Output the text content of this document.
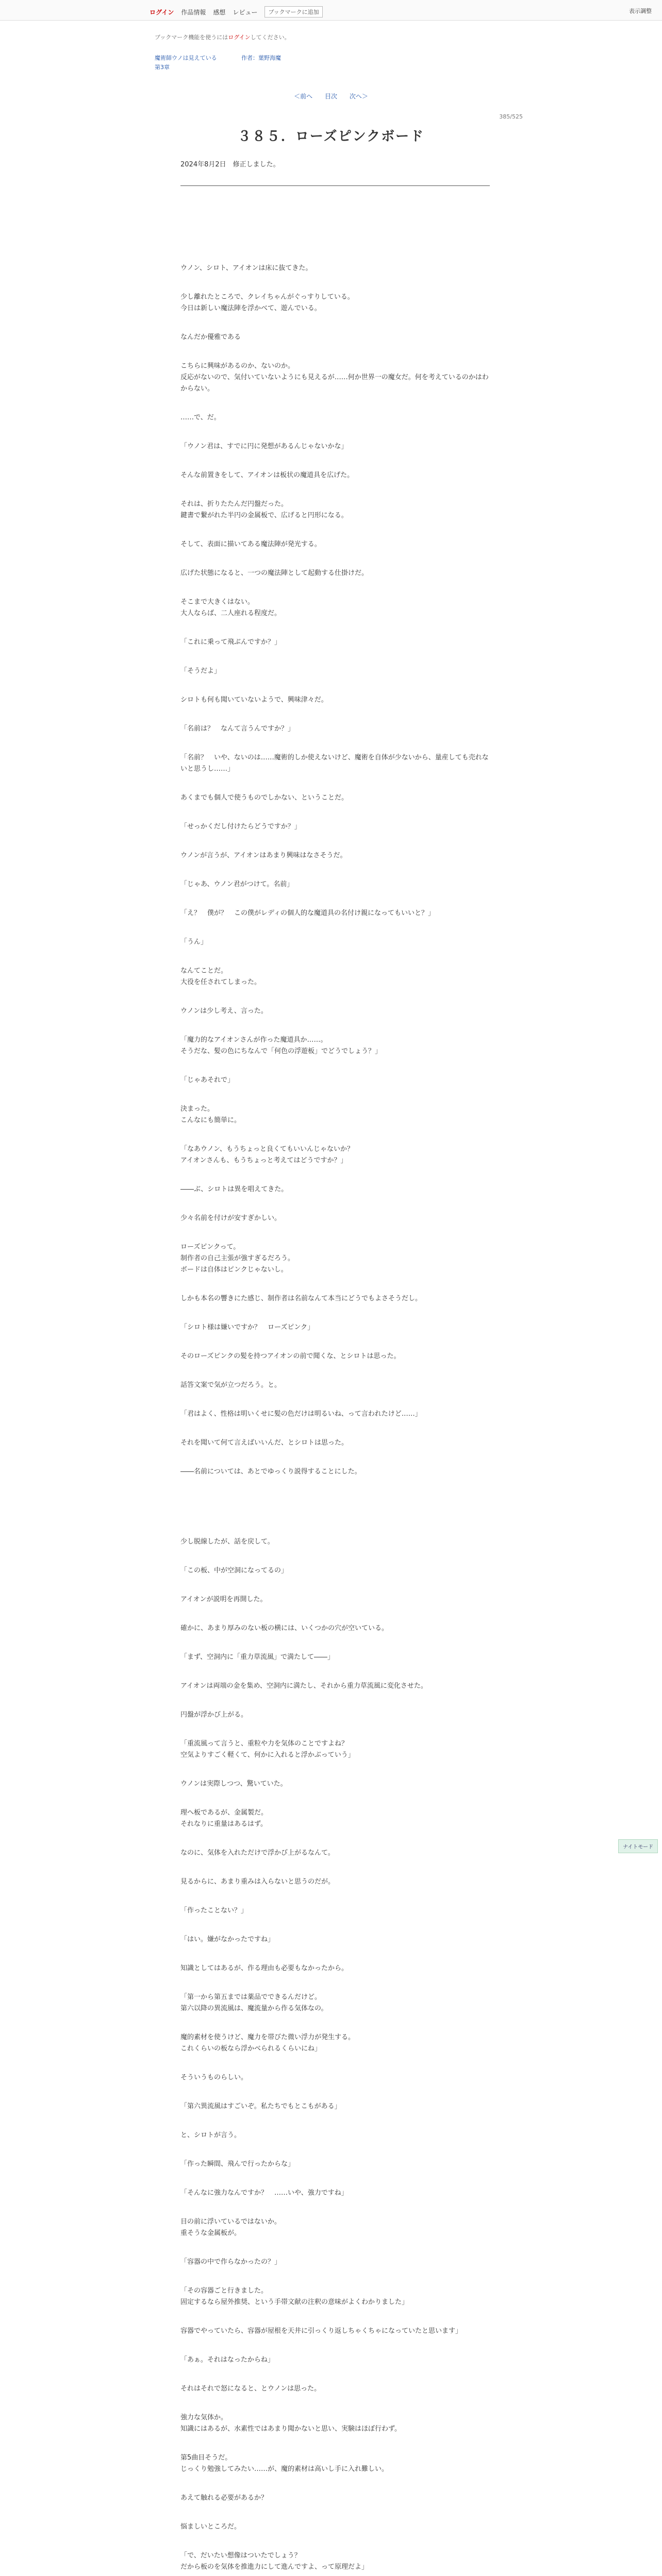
ログイン 作品情報 感想 レビュー	ブックマークに追加	表示調整
ブックマーク機能を使うにはログインしてください。
魔術師ウノは見えている	作者：葉野海魔
第3章
＜前へ 目次 次へ＞
385/525
３８５．ローズピンクボード
2024年8月2日　修正しました。

ウノン、シロト、アイオンは床に抜てきた。

少し離れたところで、クレイちゃんがぐっすりしている。
今日は新しい魔法陣を浮かべて、遊んでいる。

なんだか優雅である

こちらに興味があるのか、ないのか。
反応がないので、気付いていないようにも見えるが……何か世界一の魔女だ。何を考えているのかはわからない。

……で、だ。

「ウノン君は、すでに円に発想があるんじゃないかな」

そんな前置きをして、アイオンは板状の魔道具を広げた。

それは、折りたたんだ円盤だった。
鍵書で繋がれた半円の金属板で、広げると円形になる。

そして、表面に描いてある魔法陣が発光する。

広げた状態になると、一つの魔法陣として起動する仕掛けだ。

そこまで大きくはない。
大人ならば、二人座れる程度だ。

「これに乗って飛ぶんですか？」

「そうだよ」

シロトも何も聞いていないようで、興味津々だ。

「名前は？　なんて言うんですか？」

「名前？　いや、ないのは……魔術的しか使えないけど、魔術を自体が少ないから、量産しても売れないと思うし……」

あくまでも個人で使うものでしかない、ということだ。

「せっかくだし付けたらどうですか？」

ウノンが言うが、アイオンはあまり興味はなさそうだ。

「じゃあ、ウノン君がつけて。名前」

「え？　僕が？　この僕がレディの個人的な魔道具の名付け親になってもいいと？」

「うん」

なんてことだ。
大役を任されてしまった。

ウノンは少し考え、言った。

「魔力的なアイオンさんが作った魔道具か……。
そうだな、髪の色にちなんで「何色の浮遊板」でどうでしょう？」

「じゃあそれで」

決まった。
こんなにも簡単に。

「なあウノン、もうちょっと良くてもいいんじゃないか？
アイオンさんも、もうちょっと考えてはどうですか？」

――ぶ、シロトは異を唱えてきた。

少々名前を付けが安すぎかしい。

ローズピンクって。
制作者の自己主張が強すぎるだろう。
ボードは自体はピンクじゃないし。

しかも本名の響きにた感じ、制作者は名前なんて本当にどうでもよさそうだし。

「シロト様は嫌いですか？　ローズピンク」

そのローズピンクの髪を持つアイオンの前で聞くな、とシロトは思った。

話答文案で気が立つだろう。と。

「君はよく、性格は明いくせに髪の色だけは明るいね、って言われたけど……」

それを聞いて何て言えばいいんだ、とシロトは思った。

――名前については、あとでゆっくり説得することにした。

少し脱線したが、話を戻して。

「この板、中が空洞になってるの」

アイオンが説明を再開した。

確かに、あまり厚みのない板の横には、いくつかの穴が空いている。

「まず、空洞内に「重力草流風」で満たして――」

アイオンは両端の金を集め、空洞内に満たし、それから重力草流風に変化させた。

円盤が浮かび上がる。

「重流風って言うと、重粒や力を気体のことですよね？
空気よりすごく軽くて、何かに入れると浮かぶっていう」

ウノンは実際しつつ、驚いていた。

理へ板であるが、金属製だ。
それなりに重量はあるはず。

なのに、気体を入れただけで浮かび上がるなんて。

見るからに、あまり重みは入らないと思うのだが。

「作ったことない？」

「はい。嫌がなかったですね」

知識としてはあるが、作る理由も必要もなかったから。

「第一から第五までは薬品でできるんだけど。
第六以降の異流風は、魔流量から作る気体なの。

魔的素材を使うけど、魔力を帯びた微い浮力が発生する。
これくらいの板なら浮かべられるくらいにね」

そういうものらしい。

「第六異流風はすごいぞ。私たちでもとこもがある」

と、シロトが言う。

「作った瞬間、飛んで行ったからな」

「そんなに強力なんですか？　……いや、強力ですね」

目の前に浮いているではないか。
重そうな金属板が。

「容器の中で作らなかったの？」

「その容器ごと行きました。
固定するなら屋外推奨、という手帯文献の注釈の意味がよくわかりました」

容器でやっていたら、容器が屋根を天井に引っくり返しちゃくちゃになっていたと思います」

「あぁ。それはなったからね」

それはそれで怒になると、とウノンは思った。

強力な気体か。
知識にはあるが、水素性ではあまり聞かないと思い、実験はほぼ行わず。

第5曲目そうだ。
じっくり勉強してみたい……が、魔的素材は高いし手に入れ難しい。

あえて触れる必要があるか？

悩ましいところだ。

「で、だいたい想像はついたでしょう？
だから板のを気体を推進力にして進んですよ、って原理だよ」

ナイトモード
